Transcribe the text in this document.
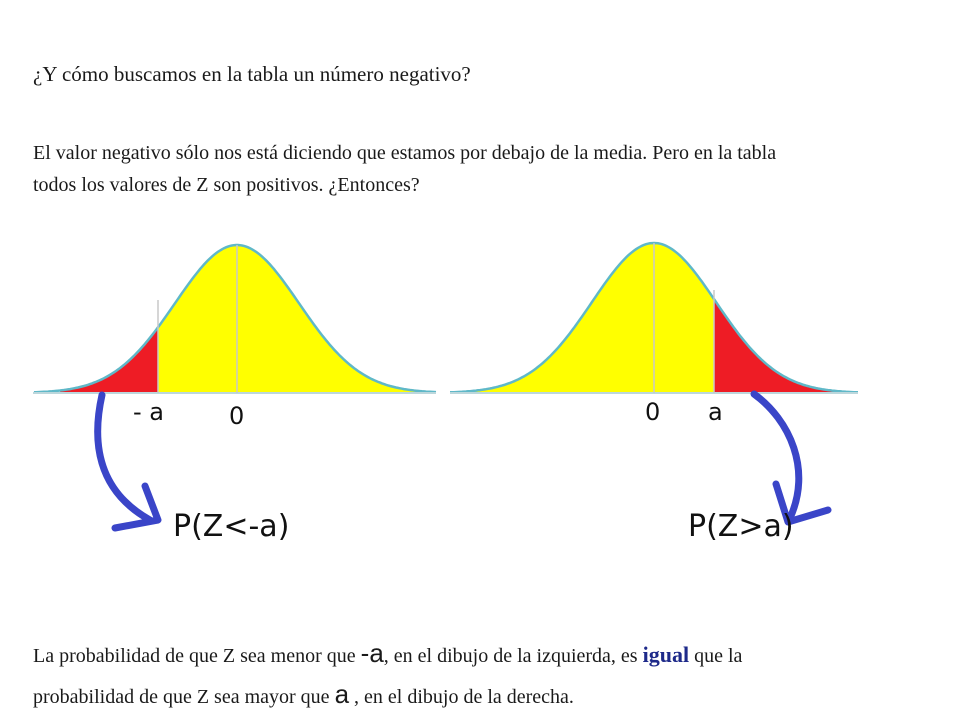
¿Y cómo buscamos en la tabla un número negativo?
El valor negativo sólo nos está diciendo que estamos por debajo de la media. Pero en la tabla
todos los valores de Z son positivos. ¿Entonces?
- a	0
P(Z<-a)
0 a
P(Z>a)
La probabilidad de que Z sea menor que -a, en el dibujo de la izquierda, es igual que la
probabilidad de que Z sea mayor que a , en el dibujo de la derecha.
